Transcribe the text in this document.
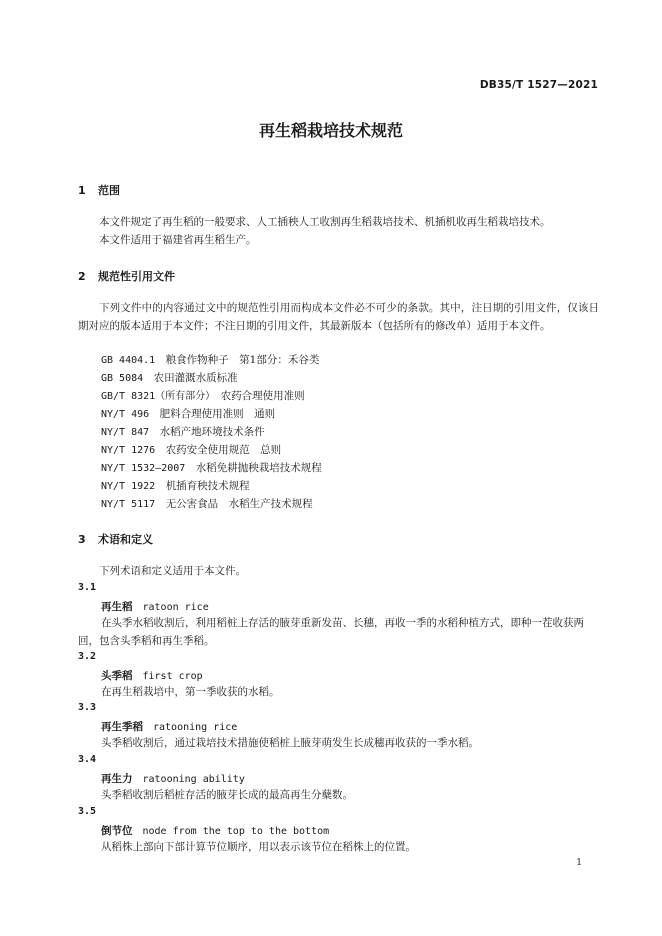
DB35/T 1527—2021
再生稻栽培技术规范
1 范围
本文件规定了再生稻的一般要求、人工插秧人工收割再生稻栽培技术、机插机收再生稻栽培技术。
本文件适用于福建省再生稻生产。
2 规范性引用文件
下列文件中的内容通过文中的规范性引用而构成本文件必不可少的条款。其中，注日期的引用文件，仅该日期对应的版本适用于本文件；不注日期的引用文件，其最新版本（包括所有的修改单）适用于本文件。
GB 4404.1　 粮食作物种子　第1部分：禾谷类
GB 5084　 农田灌溉水质标准
GB/T 8321（所有部分）　 农药合理使用准则
NY/T 496　 肥料合理使用准则　通则
NY/T 847　 水稻产地环境技术条件
NY/T 1276　 农药安全使用规范　总则
NY/T 1532—2007　 水稻免耕抛秧栽培技术规程
NY/T 1922　 机插育秧技术规程
NY/T 5117　 无公害食品　水稻生产技术规程
3 术语和定义
下列术语和定义适用于本文件。
3.1
再生稻 ratoon rice
在头季水稻收割后，利用稻桩上存活的腋芽重新发苗、长穗，再收一季的水稻种植方式，即种一茬收获两回，包含头季稻和再生季稻。
3.2
头季稻 first crop
在再生稻栽培中，第一季收获的水稻。
3.3
再生季稻 ratooning rice
头季稻收割后，通过栽培技术措施使稻桩上腋芽萌发生长成穗再收获的一季水稻。
3.4
再生力 ratooning ability
头季稻收割后稻桩存活的腋芽长成的最高再生分蘖数。
3.5
倒节位 node from the top to the bottom
从稻株上部向下部计算节位顺序，用以表示该节位在稻株上的位置。
1
